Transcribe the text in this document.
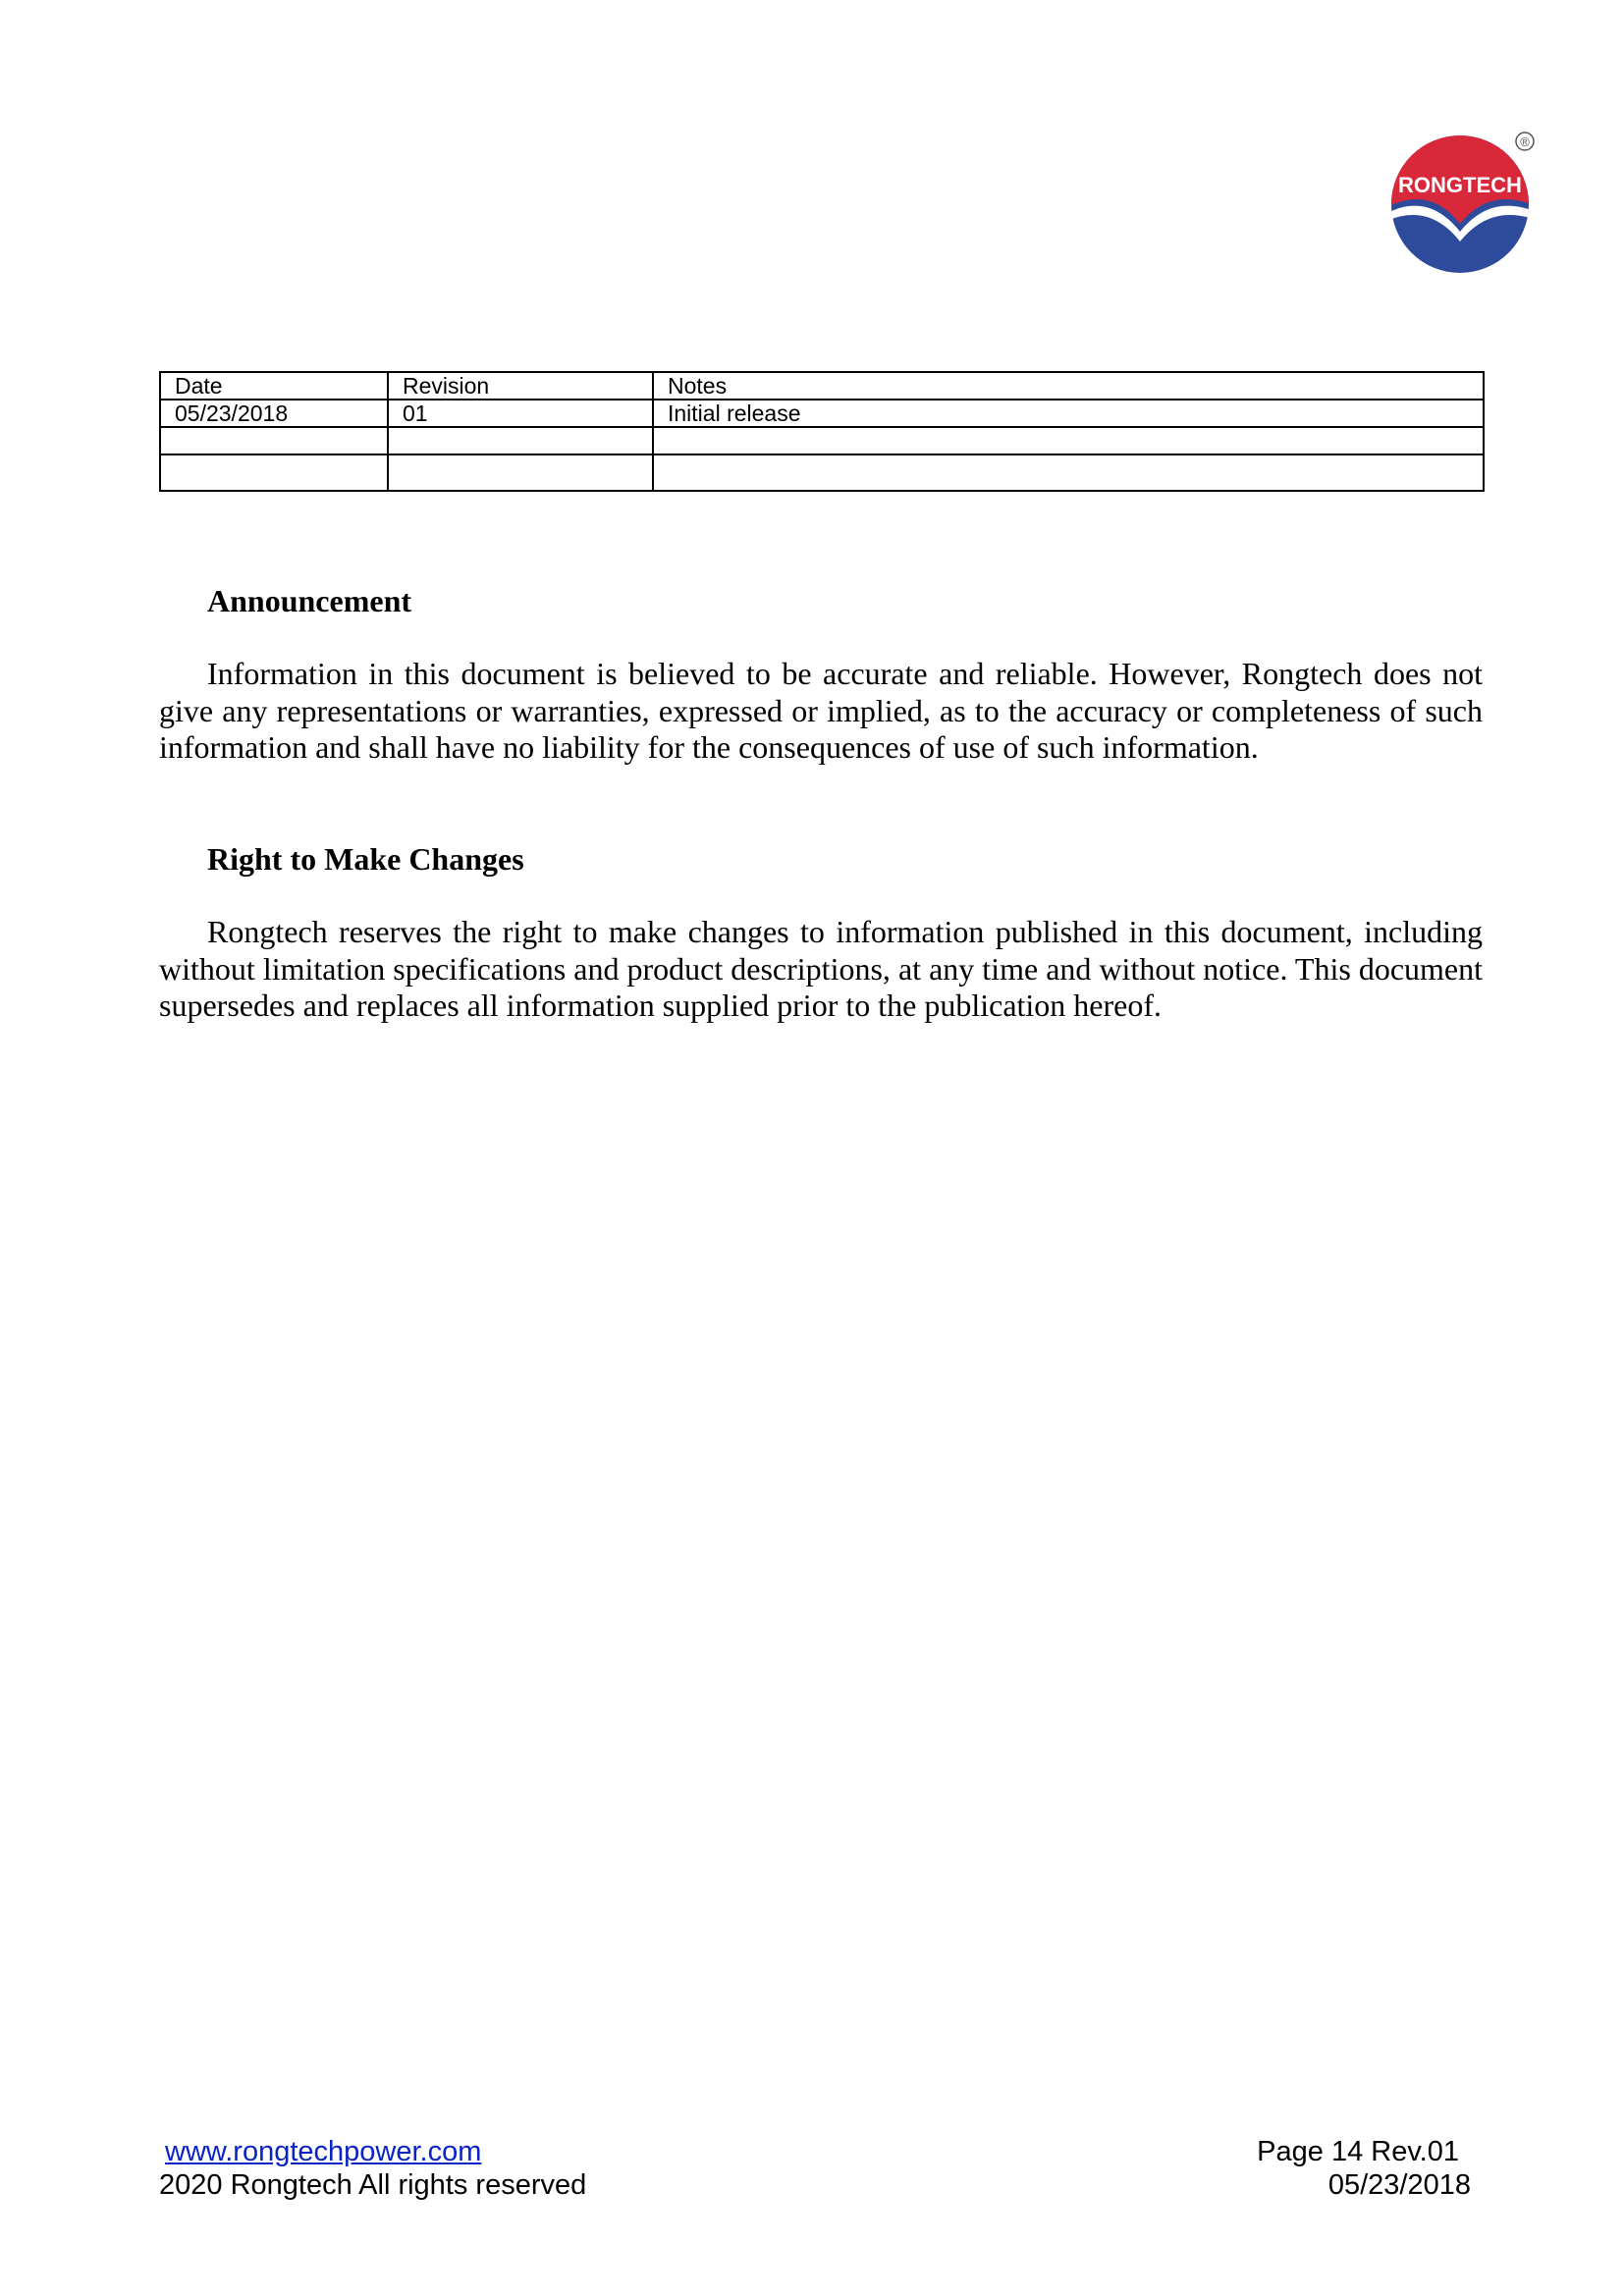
RONGTECH
®
Date	Revision	Notes
05/23/2018	01	Initial release

Announcement
Information in this document is believed to be accurate and reliable. However, Rongtech does not give any representations or warranties, expressed or implied, as to the accuracy or completeness of such information and shall have no liability for the consequences of use of such information.
Right to Make Changes
Rongtech reserves the right to make changes to information published in this document, including without limitation specifications and product descriptions, at any time and without notice. This document supersedes and replaces all information supplied prior to the publication hereof.
www.rongtechpower.com
2020 Rongtech All rights reserved
Page 14 Rev.01
05/23/2018
